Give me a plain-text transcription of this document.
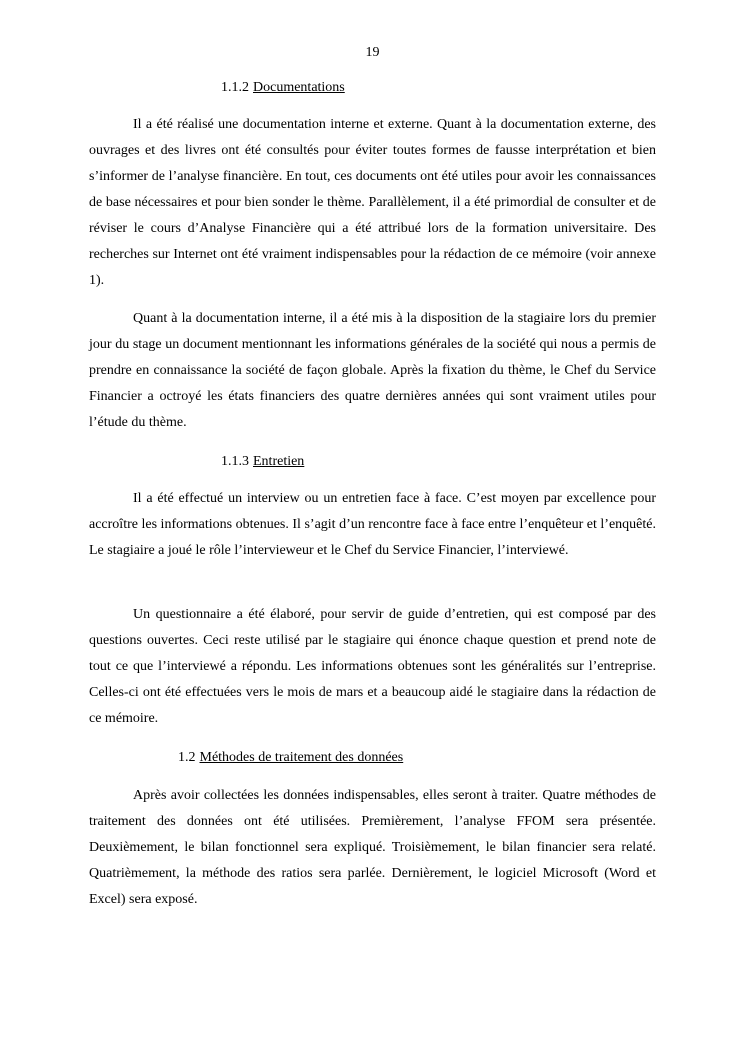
19
1.1.2 Documentations

Il a été réalisé une documentation interne et externe. Quant à la documentation externe, des ouvrages et des livres ont été consultés pour éviter toutes formes de fausse interprétation et bien s’informer de l’analyse financière. En tout, ces documents ont été utiles pour avoir les connaissances de base nécessaires et pour bien sonder le thème. Parallèlement, il a été primordial de consulter et de réviser le cours d’Analyse Financière qui a été attribué lors de la formation universitaire. Des recherches sur Internet ont été vraiment indispensables pour la rédaction de ce mémoire (voir annexe 1).

Quant à la documentation interne, il a été mis à la disposition de la stagiaire lors du premier jour du stage un document mentionnant les informations générales de la société qui nous a permis de prendre en connaissance la société de façon globale. Après la fixation du thème, le Chef du Service Financier a octroyé les états financiers des quatre dernières années qui sont vraiment utiles pour l’étude du thème.

1.1.3 Entretien

Il a été effectué un interview ou un entretien face à face. C’est moyen par excellence pour accroître les informations obtenues. Il s’agit d’un rencontre face à face entre l’enquêteur et l’enquêté. Le stagiaire a joué le rôle l’intervieweur et le Chef du Service Financier, l’interviewé.

Un questionnaire a été élaboré, pour servir de guide d’entretien, qui est composé par des questions ouvertes. Ceci reste utilisé par le stagiaire qui énonce chaque question et prend note de tout ce que l’interviewé a répondu. Les informations obtenues sont les généralités sur l’entreprise. Celles-ci ont été effectuées vers le mois de mars et a beaucoup aidé le stagiaire dans la rédaction de ce mémoire.

1.2 Méthodes de traitement des données

Après avoir collectées les données indispensables, elles seront à traiter. Quatre méthodes de traitement des données ont été utilisées. Premièrement, l’analyse FFOM sera présentée. Deuxièmement, le bilan fonctionnel sera expliqué. Troisièmement, le bilan financier sera relaté. Quatrièmement, la méthode des ratios sera parlée. Dernièrement, le logiciel Microsoft (Word et Excel) sera exposé.
